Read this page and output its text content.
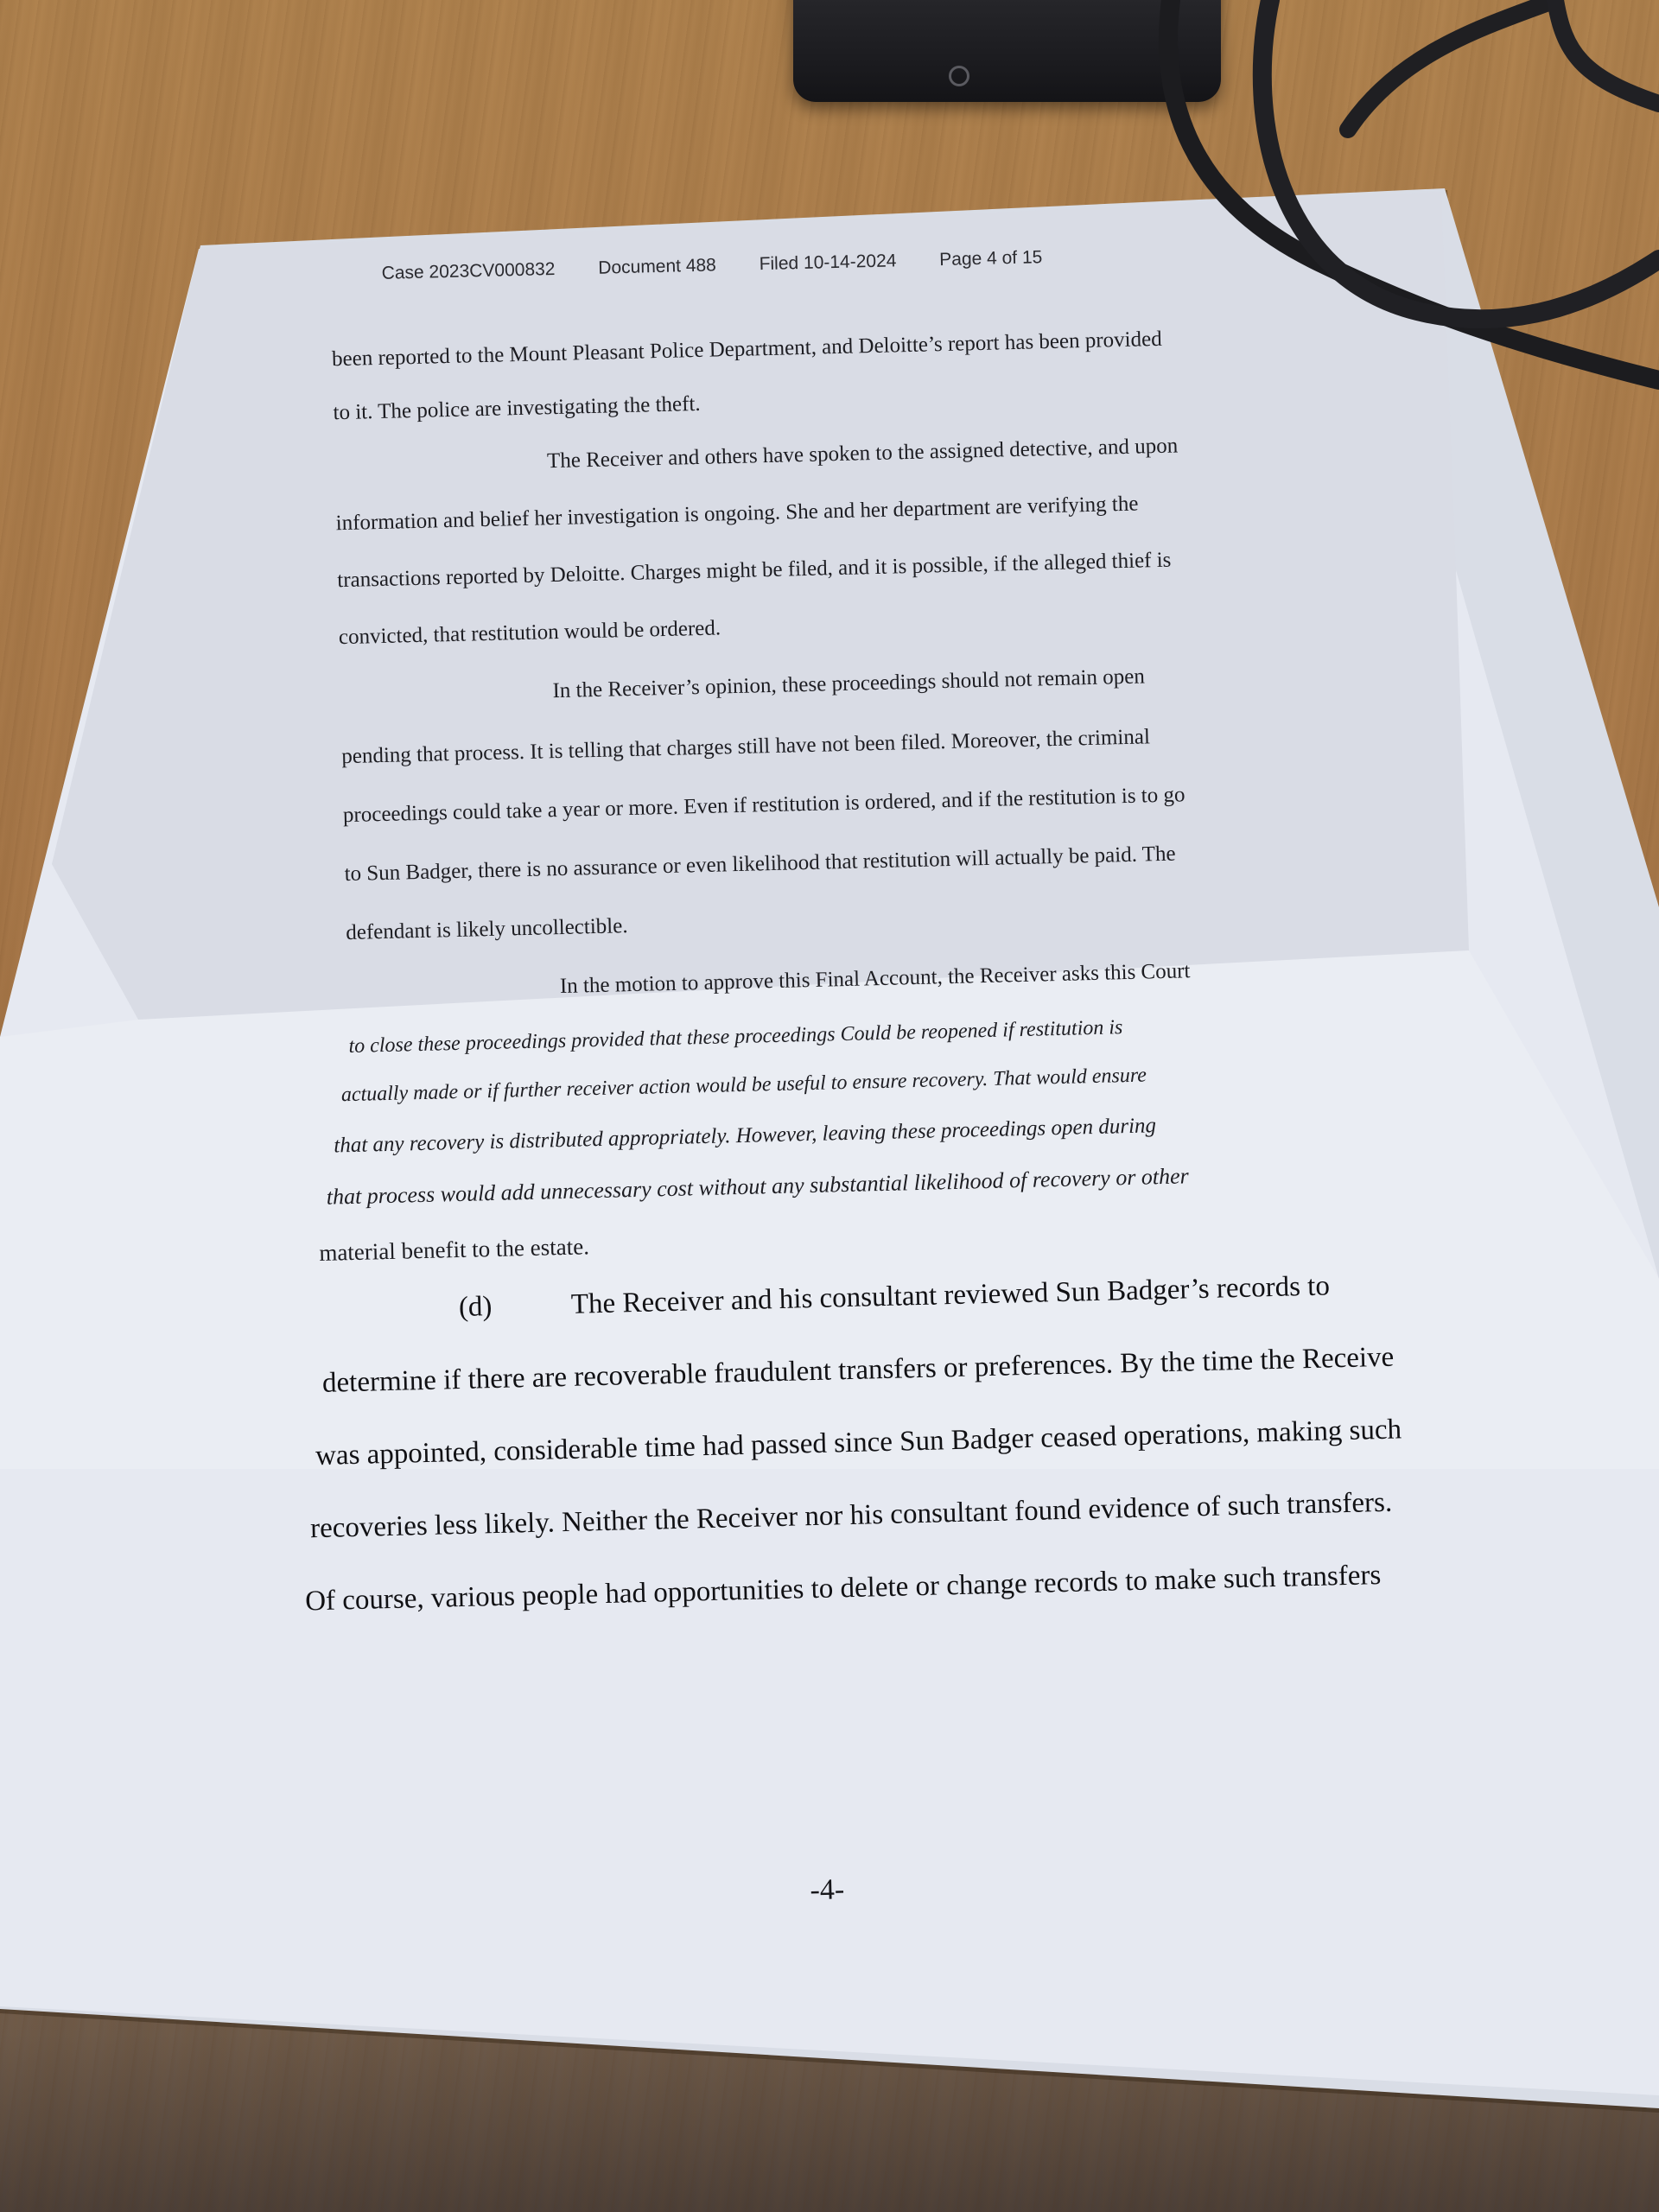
Case 2023CV000832 Document 488 Filed 10-14-2024 Page 4 of 15
been reported to the Mount Pleasant Police Department, and Deloitte’s report has been provided
to it. The police are investigating the theft.
The Receiver and others have spoken to the assigned detective, and upon
information and belief her investigation is ongoing. She and her department are verifying the
transactions reported by Deloitte. Charges might be filed, and it is possible, if the alleged thief is
convicted, that restitution would be ordered.
In the Receiver’s opinion, these proceedings should not remain open
pending that process. It is telling that charges still have not been filed. Moreover, the criminal
proceedings could take a year or more. Even if restitution is ordered, and if the restitution is to go
to Sun Badger, there is no assurance or even likelihood that restitution will actually be paid. The
defendant is likely uncollectible.
In the motion to approve this Final Account, the Receiver asks this Court
to close these proceedings provided that these proceedings Could be reopened if restitution is
actually made or if further receiver action would be useful to ensure recovery. That would ensure
that any recovery is distributed appropriately. However, leaving these proceedings open during
that process would add unnecessary cost without any substantial likelihood of recovery or other
material benefit to the estate.
(d)	The Receiver and his consultant reviewed Sun Badger’s records to
determine if there are recoverable fraudulent transfers or preferences. By the time the Receive
was appointed, considerable time had passed since Sun Badger ceased operations, making such
recoveries less likely. Neither the Receiver nor his consultant found evidence of such transfers.
Of course, various people had opportunities to delete or change records to make such transfers
-4-
